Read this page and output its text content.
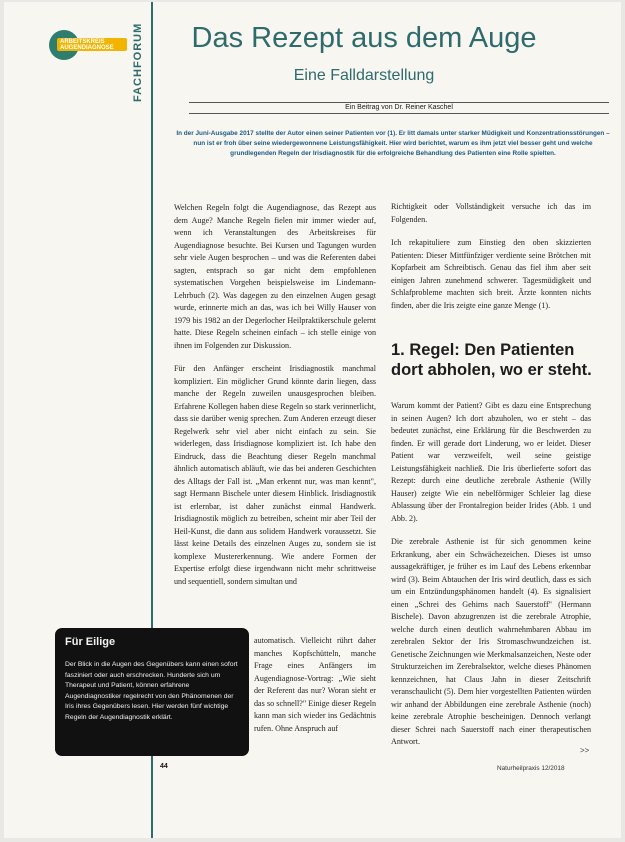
ARBEITSKREIS
AUGENDIAGNOSE	FACHFORUM	Das Rezept aus dem Auge
Eine Falldarstellung
Ein Beitrag von Dr. Reiner Kaschel
In der Juni-Ausgabe 2017 stellte der Autor einen seiner Patienten vor (1). Er litt damals unter starker Müdigkeit und Konzentrationsstörungen – nun ist er froh über seine wiedergewonnene Leistungsfähigkeit. Hier wird berichtet, warum es ihm jetzt viel besser geht und welche grundlegenden Regeln der Irisdiagnostik für die erfolgreiche Behandlung des Patienten eine Rolle spielten.

Welchen Regeln folgt die Augendiagnose, das Rezept aus dem Auge? Manche Regeln fielen mir immer wieder auf, wenn ich Veranstaltungen des Arbeitskreises für Augendiagnose besuchte. Bei Kursen und Tagungen wurden sehr viele Augen besprochen – und was die Referenten dabei sagten, entsprach so gar nicht dem empfohlenen systematischen Vorgehen beispielsweise im Lindemann-Lehrbuch (2). Was dagegen zu den einzelnen Augen gesagt wurde, erinnerte mich an das, was ich bei Willy Hauser von 1979 bis 1982 an der Degerlocher Heilpraktikerschule gelernt hatte. Diese Regeln scheinen einfach – ich stelle einige von ihnen im Folgenden zur Diskussion.

Für den Anfänger erscheint Irisdiagnostik manchmal kompliziert. Ein möglicher Grund könnte darin liegen, dass manche der Regeln zuweilen unausgesprochen bleiben. Erfahrene Kollegen haben diese Regeln so stark verinnerlicht, dass sie darüber wenig sprechen. Zum Anderen erzeugt dieser Regelwerk sehr viel aber nicht einfach zu sein. Sie widerlegen, dass Irisdiagnose kompliziert ist. Ich habe den Eindruck, dass die Beachtung dieser Regeln manchmal ähnlich automatisch abläuft, wie das bei anderen Geschichten des Alltags der Fall ist. „Man erkennt nur, was man kennt", sagt Hermann Bischele unter diesem Hinblick. Irisdiagnostik ist erlernbar, ist daher zunächst einmal Handwerk. Irisdiagnostik möglich zu betreiben, scheint mir aber Teil der Heil-Kunst, die dann aus solidem Handwerk voraussetzt. Sie lässt keine Details des einzelnen Auges zu, sondern sie ist komplexe Mustererkennung. Wie andere Formen der Expertise erfolgt diese irgendwann nicht mehr schrittweise und sequentiell, sondern simultan und

automatisch. Vielleicht rührt daher manches Kopfschütteln, manche Frage eines Anfängers im Augendiagnose-Vortrag: „Wie sieht der Referent das nur? Woran sieht er das so schnell?" Einige dieser Regeln kann man sich wieder ins Gedächtnis rufen. Ohne Anspruch auf

Richtigkeit oder Vollständigkeit versuche ich das im Folgenden.

Ich rekapituliere zum Einstieg den oben skizzierten Patienten: Dieser Mittfünfziger verdiente seine Brötchen mit Kopfarbeit am Schreibtisch. Genau das fiel ihm aber seit einigen Jahren zunehmend schwerer. Tagesmüdigkeit und Schlafprobleme machten sich breit. Ärzte konnten nichts finden, aber die Iris zeigte eine ganze Menge (1).

1. Regel: Den Patienten dort abholen, wo er steht.

Warum kommt der Patient? Gibt es dazu eine Entsprechung in seinen Augen? Ich dort abzuholen, wo er steht – das bedeutet zunächst, eine Erklärung für die Beschwerden zu finden. Er will gerade dort Linderung, wo er leidet. Dieser Patient war verzweifelt, weil seine geistige Leistungsfähigkeit nachließ. Die Iris überlieferte sofort das Rezept: durch eine deutliche zerebrale Asthenie (Willy Hauser) zeigte Wie ein nebelförmiger Schleier lag diese Ablassung über der Frontalregion beider Irides (Abb. 1 und Abb. 2).

Die zerebrale Asthenie ist für sich genommen keine Erkrankung, aber ein Schwächezeichen. Dieses ist umso aussagekräftiger, je früher es im Lauf des Lebens erkennbar wird (3). Beim Abtauchen der Iris wird deutlich, dass es sich um ein Entzündungsphänomen handelt (4). Es signalisiert einen „Schrei des Gehirns nach Sauerstoff" (Hermann Bischele). Davon abzugrenzen ist die zerebrale Atrophie, welche durch einen deutlich wahrnehmbaren Abbau im zerebralen Sektor der Iris Stromaschwundzeichen ist. Genetische Zeichnungen wie Merkmalsanzeichen, Neste oder Strukturzeichen im Zerebralsektor, welche dieses Phänomen kennzeichnen, hat Claus Jahn in dieser Zeitschrift veranschaulicht (5). Dem hier vorgestellten Patienten würden wir anhand der Abbildungen eine zerebrale Asthenie (noch) keine zerebrale Atrophie bescheinigen. Dennoch verlangt dieser Schrei nach Sauerstoff nach einer therapeutischen Antwort.

Für Eilige

Der Blick in die Augen des Gegenübers kann einen sofort fasziniert oder auch erschrecken. Hunderte sich um Therapeut und Patient, können erfahrene Augendiagnostiker regelrecht von den Phänomenen der Iris ihres Gegenübers lesen. Hier werden fünf wichtige Regeln der Augendiagnostik erklärt.

44
>>
Naturheilpraxis 12/2018
